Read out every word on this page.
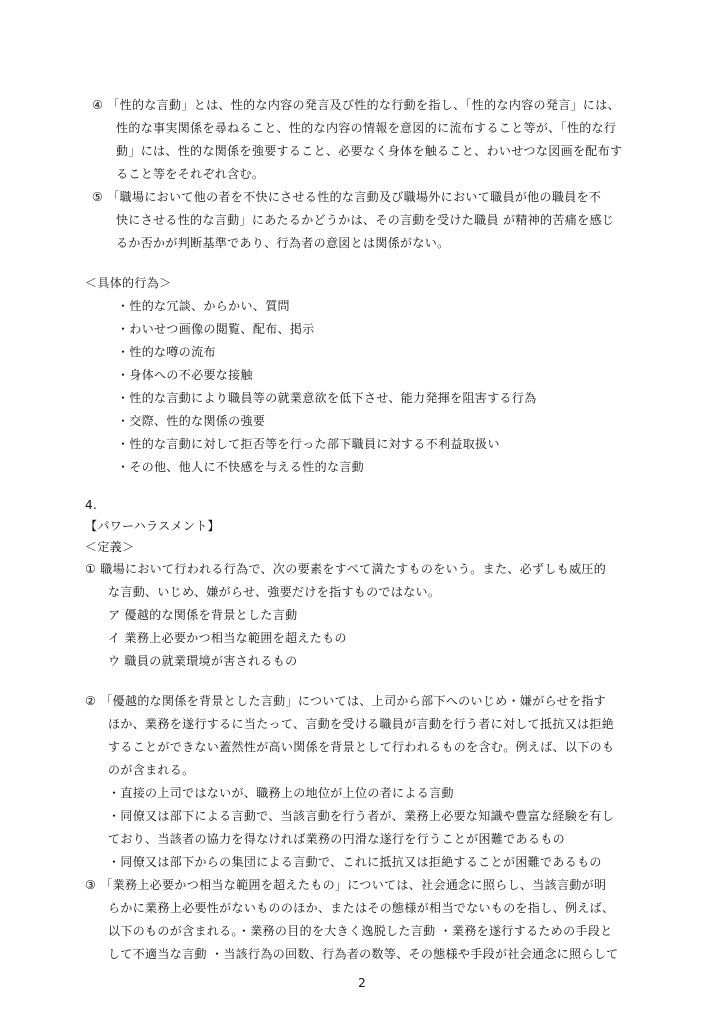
④ 「性的な言動」とは、性的な内容の発言及び性的な行動を指し、「性的な内容の発言」には、
性的な事実関係を尋ねること、性的な内容の情報を意図的に流布すること等が、「性的な行
動」には、性的な関係を強要すること、必要なく身体を触ること、わいせつな図画を配布す
ること等をそれぞれ含む。
⑤ 「職場において他の者を不快にさせる性的な言動及び職場外において職員が他の職員を不
快にさせる性的な言動」にあたるかどうかは、その言動を受けた職員 が精神的苦痛を感じ
るか否かが判断基準であり、行為者の意図とは関係がない。
＜具体的行為＞
・性的な冗談、からかい、質問
・わいせつ画像の閲覧、配布、掲示
・性的な噂の流布
・身体への不必要な接触
・性的な言動により職員等の就業意欲を低下させ、能力発揮を阻害する行為
・交際、性的な関係の強要
・性的な言動に対して拒否等を行った部下職員に対する不利益取扱い
・その他、他人に不快感を与える性的な言動
4.
【パワーハラスメント】
＜定義＞
① 職場において行われる行為で、次の要素をすべて満たすものをいう。また、必ずしも威圧的
な言動、いじめ、嫌がらせ、強要だけを指すものではない。
ア 優越的な関係を背景とした言動
イ 業務上必要かつ相当な範囲を超えたもの
ウ 職員の就業環境が害されるもの
② 「優越的な関係を背景とした言動」については、上司から部下へのいじめ・嫌がらせを指す
ほか、業務を遂行するに当たって、言動を受ける職員が言動を行う者に対して抵抗又は拒絶
することができない蓋然性が高い関係を背景として行われるものを含む。例えば、以下のも
のが含まれる。
・直接の上司ではないが、職務上の地位が上位の者による言動
・同僚又は部下による言動で、当該言動を行う者が、業務上必要な知識や豊富な経験を有し
ており、当該者の協力を得なければ業務の円滑な遂行を行うことが困難であるもの
・同僚又は部下からの集団による言動で、これに抵抗又は拒絶することが困難であるもの
③ 「業務上必要かつ相当な範囲を超えたもの」については、社会通念に照らし、当該言動が明
らかに業務上必要性がないもののほか、またはその態様が相当でないものを指し、例えば、
以下のものが含まれる。・業務の目的を大きく逸脱した言動 ・業務を遂行するための手段と
して不適当な言動 ・当該行為の回数、行為者の数等、その態様や手段が社会通念に照らして
2
